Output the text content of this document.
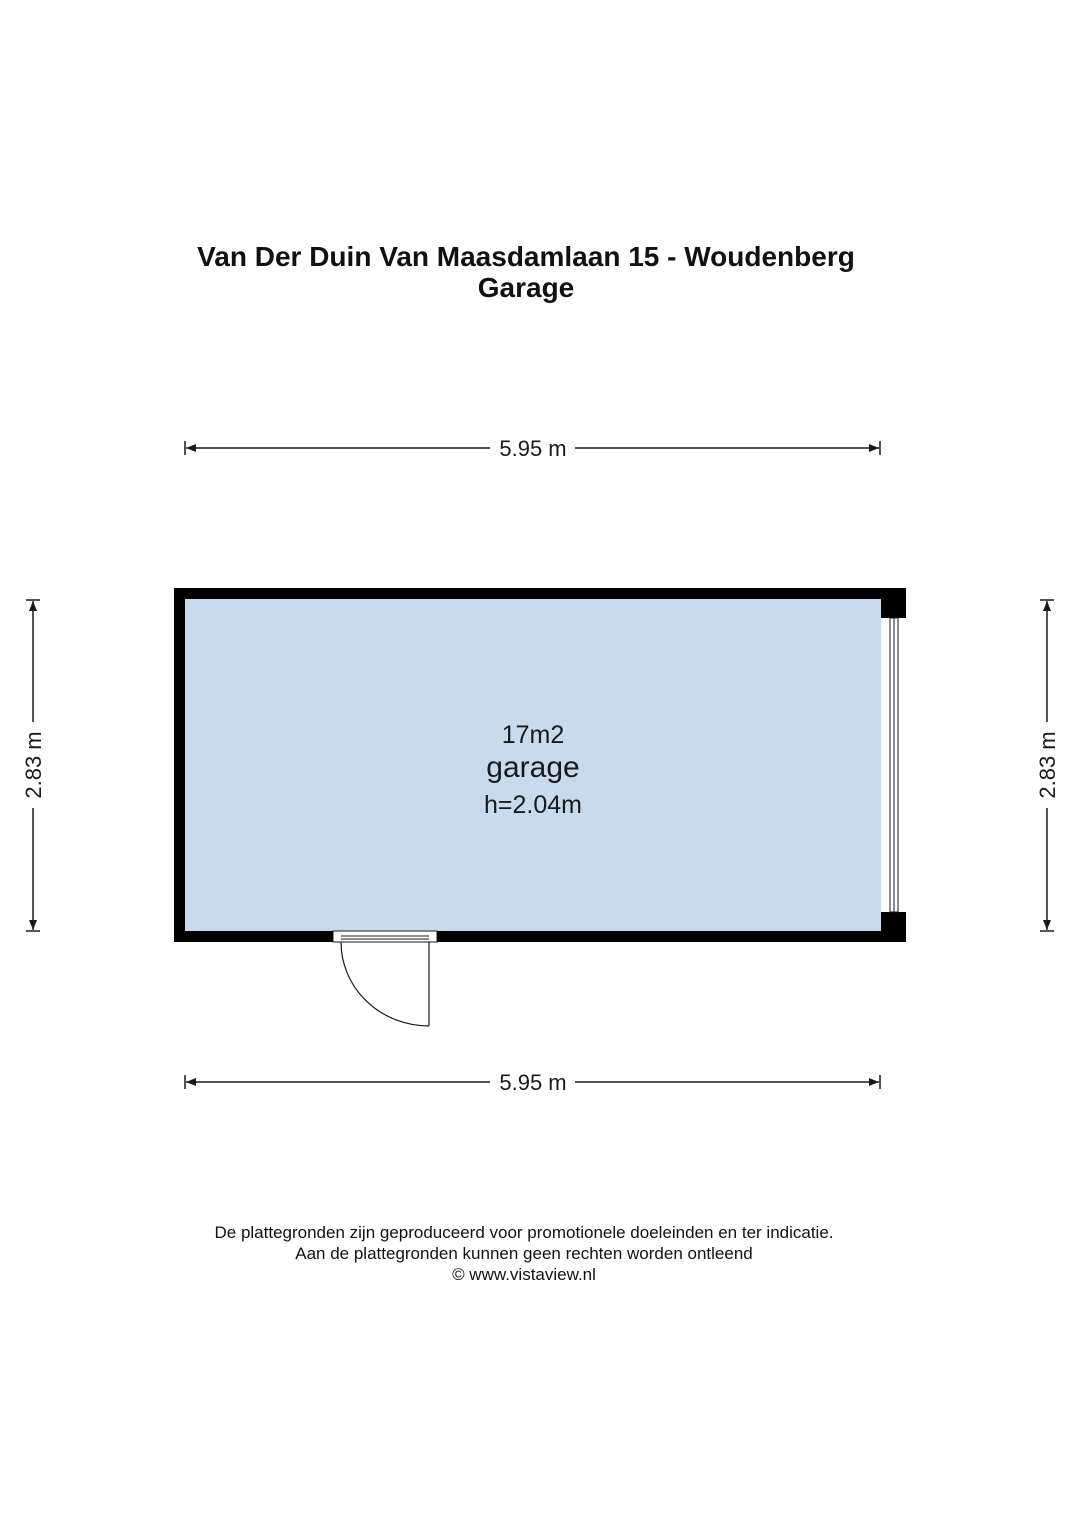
Van Der Duin Van Maasdamlaan 15 - Woudenberg
Garage
5.95 m
5.95 m
2.83 m	2.83 m
17m2
garage
h=2.04m
De plattegronden zijn geproduceerd voor promotionele doeleinden en ter indicatie.
Aan de plattegronden kunnen geen rechten worden ontleend
© www.vistaview.nl
